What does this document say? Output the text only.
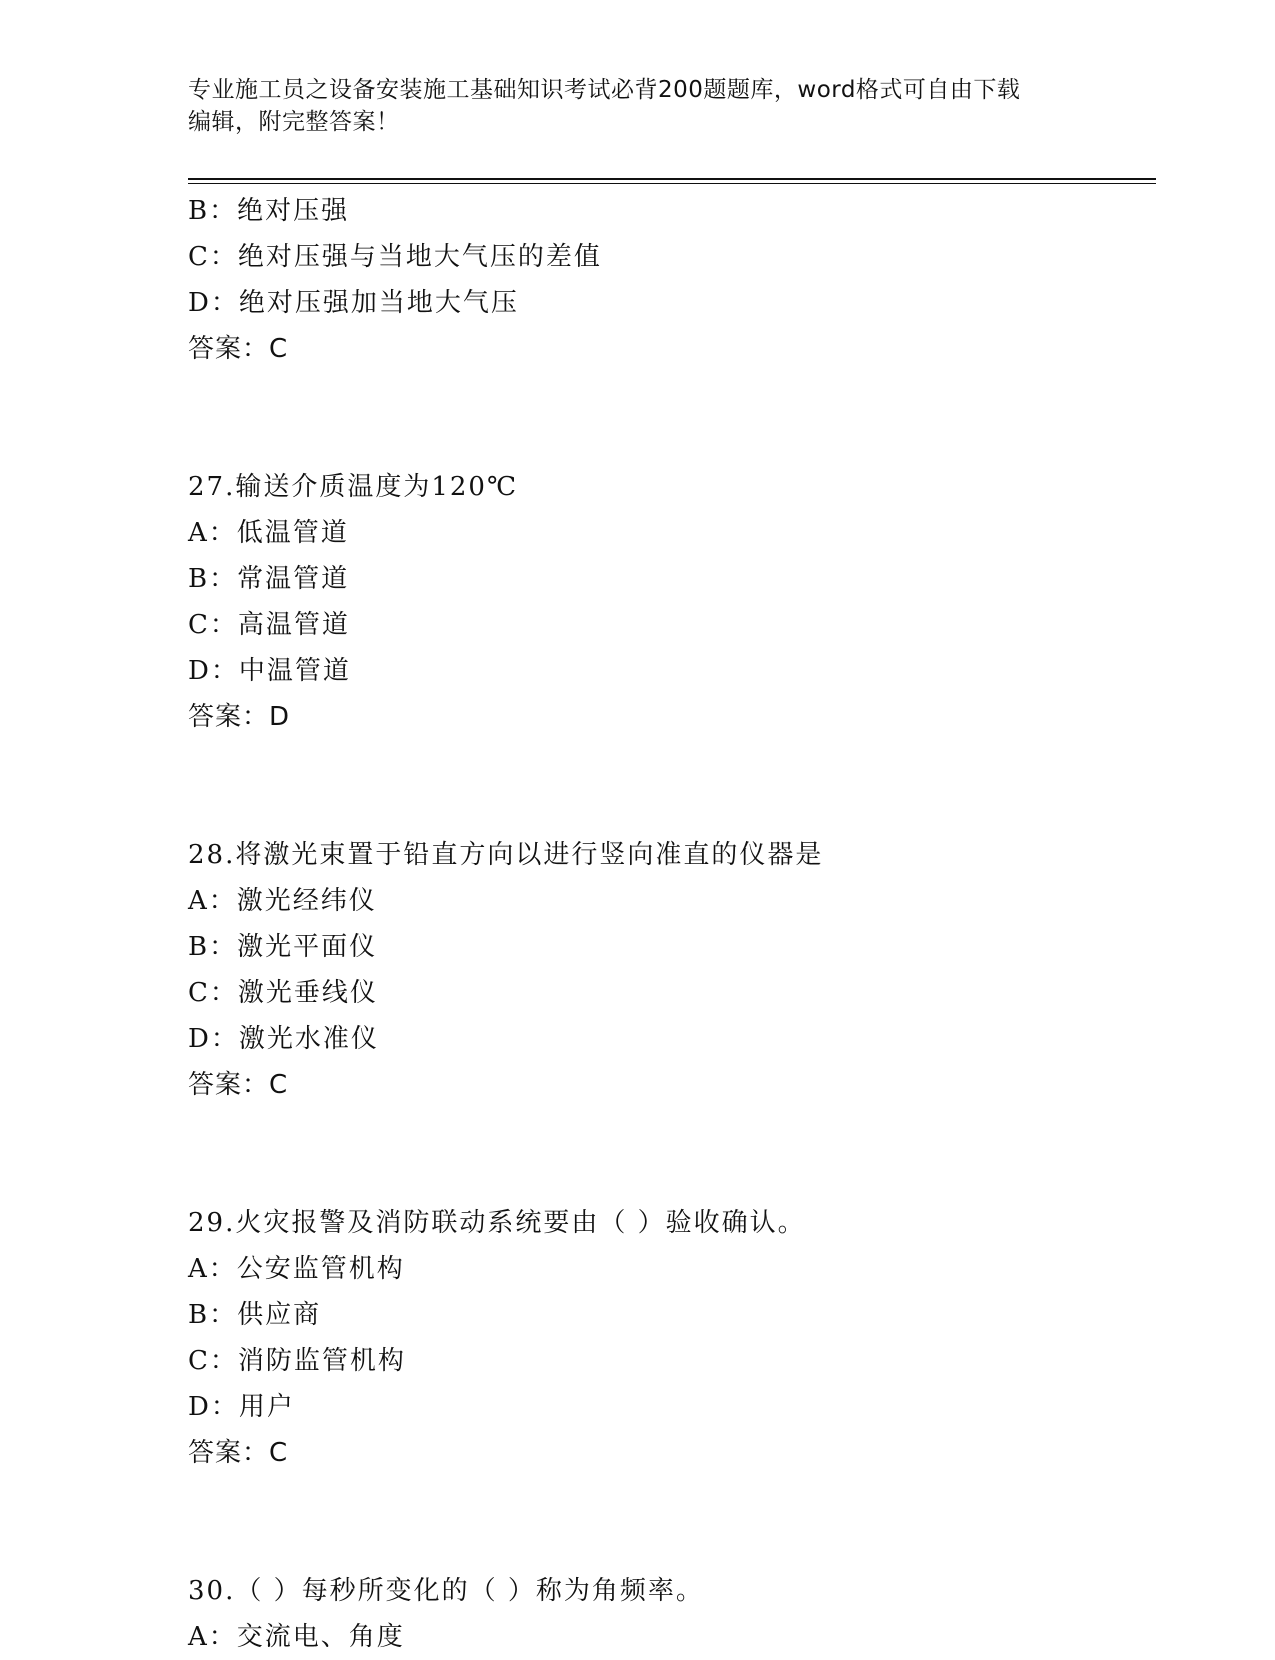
专业施工员之设备安装施工基础知识考试必背200题题库，word格式可自由下载
编辑，附完整答案！
B：绝对压强
C：绝对压强与当地大气压的差值
D：绝对压强加当地大气压
答案：C
27.输送介质温度为120℃
A：低温管道
B：常温管道
C：高温管道
D：中温管道
答案：D
28.将激光束置于铅直方向以进行竖向准直的仪器是
A：激光经纬仪
B：激光平面仪
C：激光垂线仪
D：激光水准仪
答案：C
29.火灾报警及消防联动系统要由（ ）验收确认。
A：公安监管机构
B：供应商
C：消防监管机构
D：用户
答案：C
30.（ ）每秒所变化的（ ）称为角频率。
A：交流电、角度
